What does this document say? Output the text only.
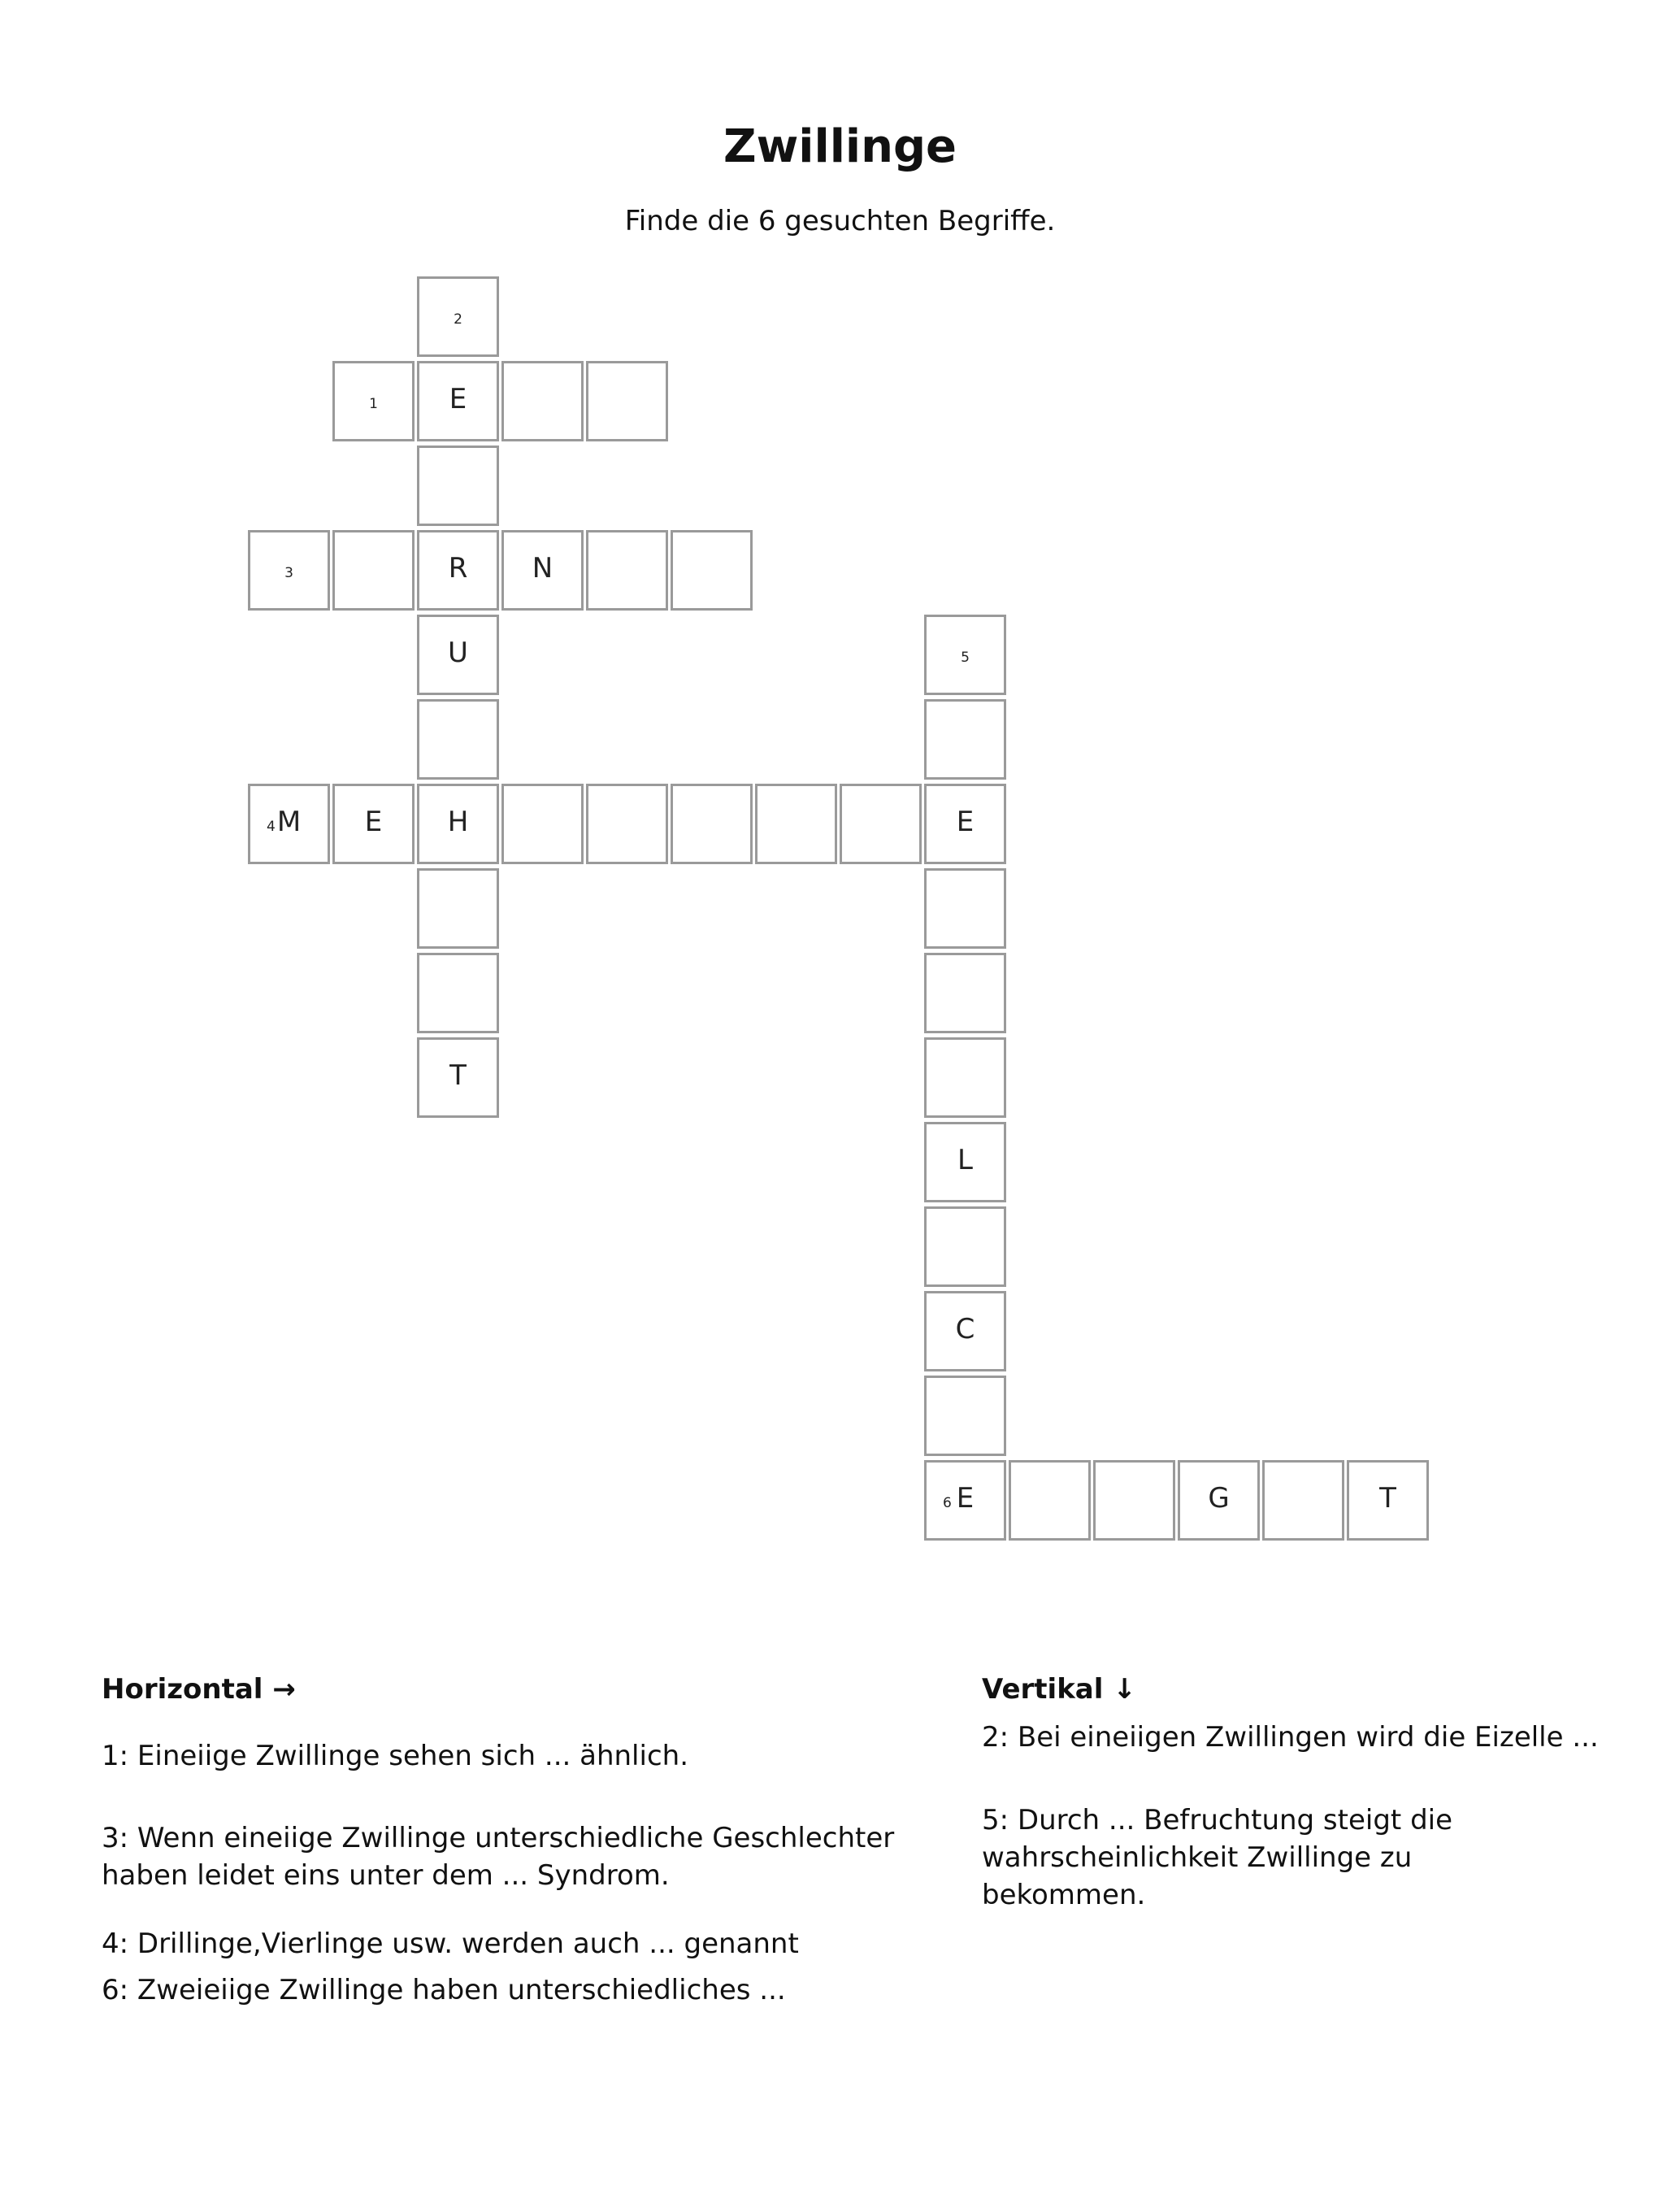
Zwillinge
Finde die 6 gesuchten Begriffe.
1	E
2
R
U
H
T
3	N
4 M	E	E
5
L
C
6 E	G	T
Horizontal →
1: Eineiige Zwillinge sehen sich ... ähnlich.
3: Wenn eineiige Zwillinge unterschiedliche Geschlechter haben leidet eins unter dem ... Syndrom.
4: Drillinge,Vierlinge usw. werden auch ... genannt
6: Zweieiige Zwillinge haben unterschiedliches ...
Vertikal ↓
2: Bei eineiigen Zwillingen wird die Eizelle ...
5: Durch ... Befruchtung steigt die wahrscheinlichkeit Zwillinge zu bekommen.
